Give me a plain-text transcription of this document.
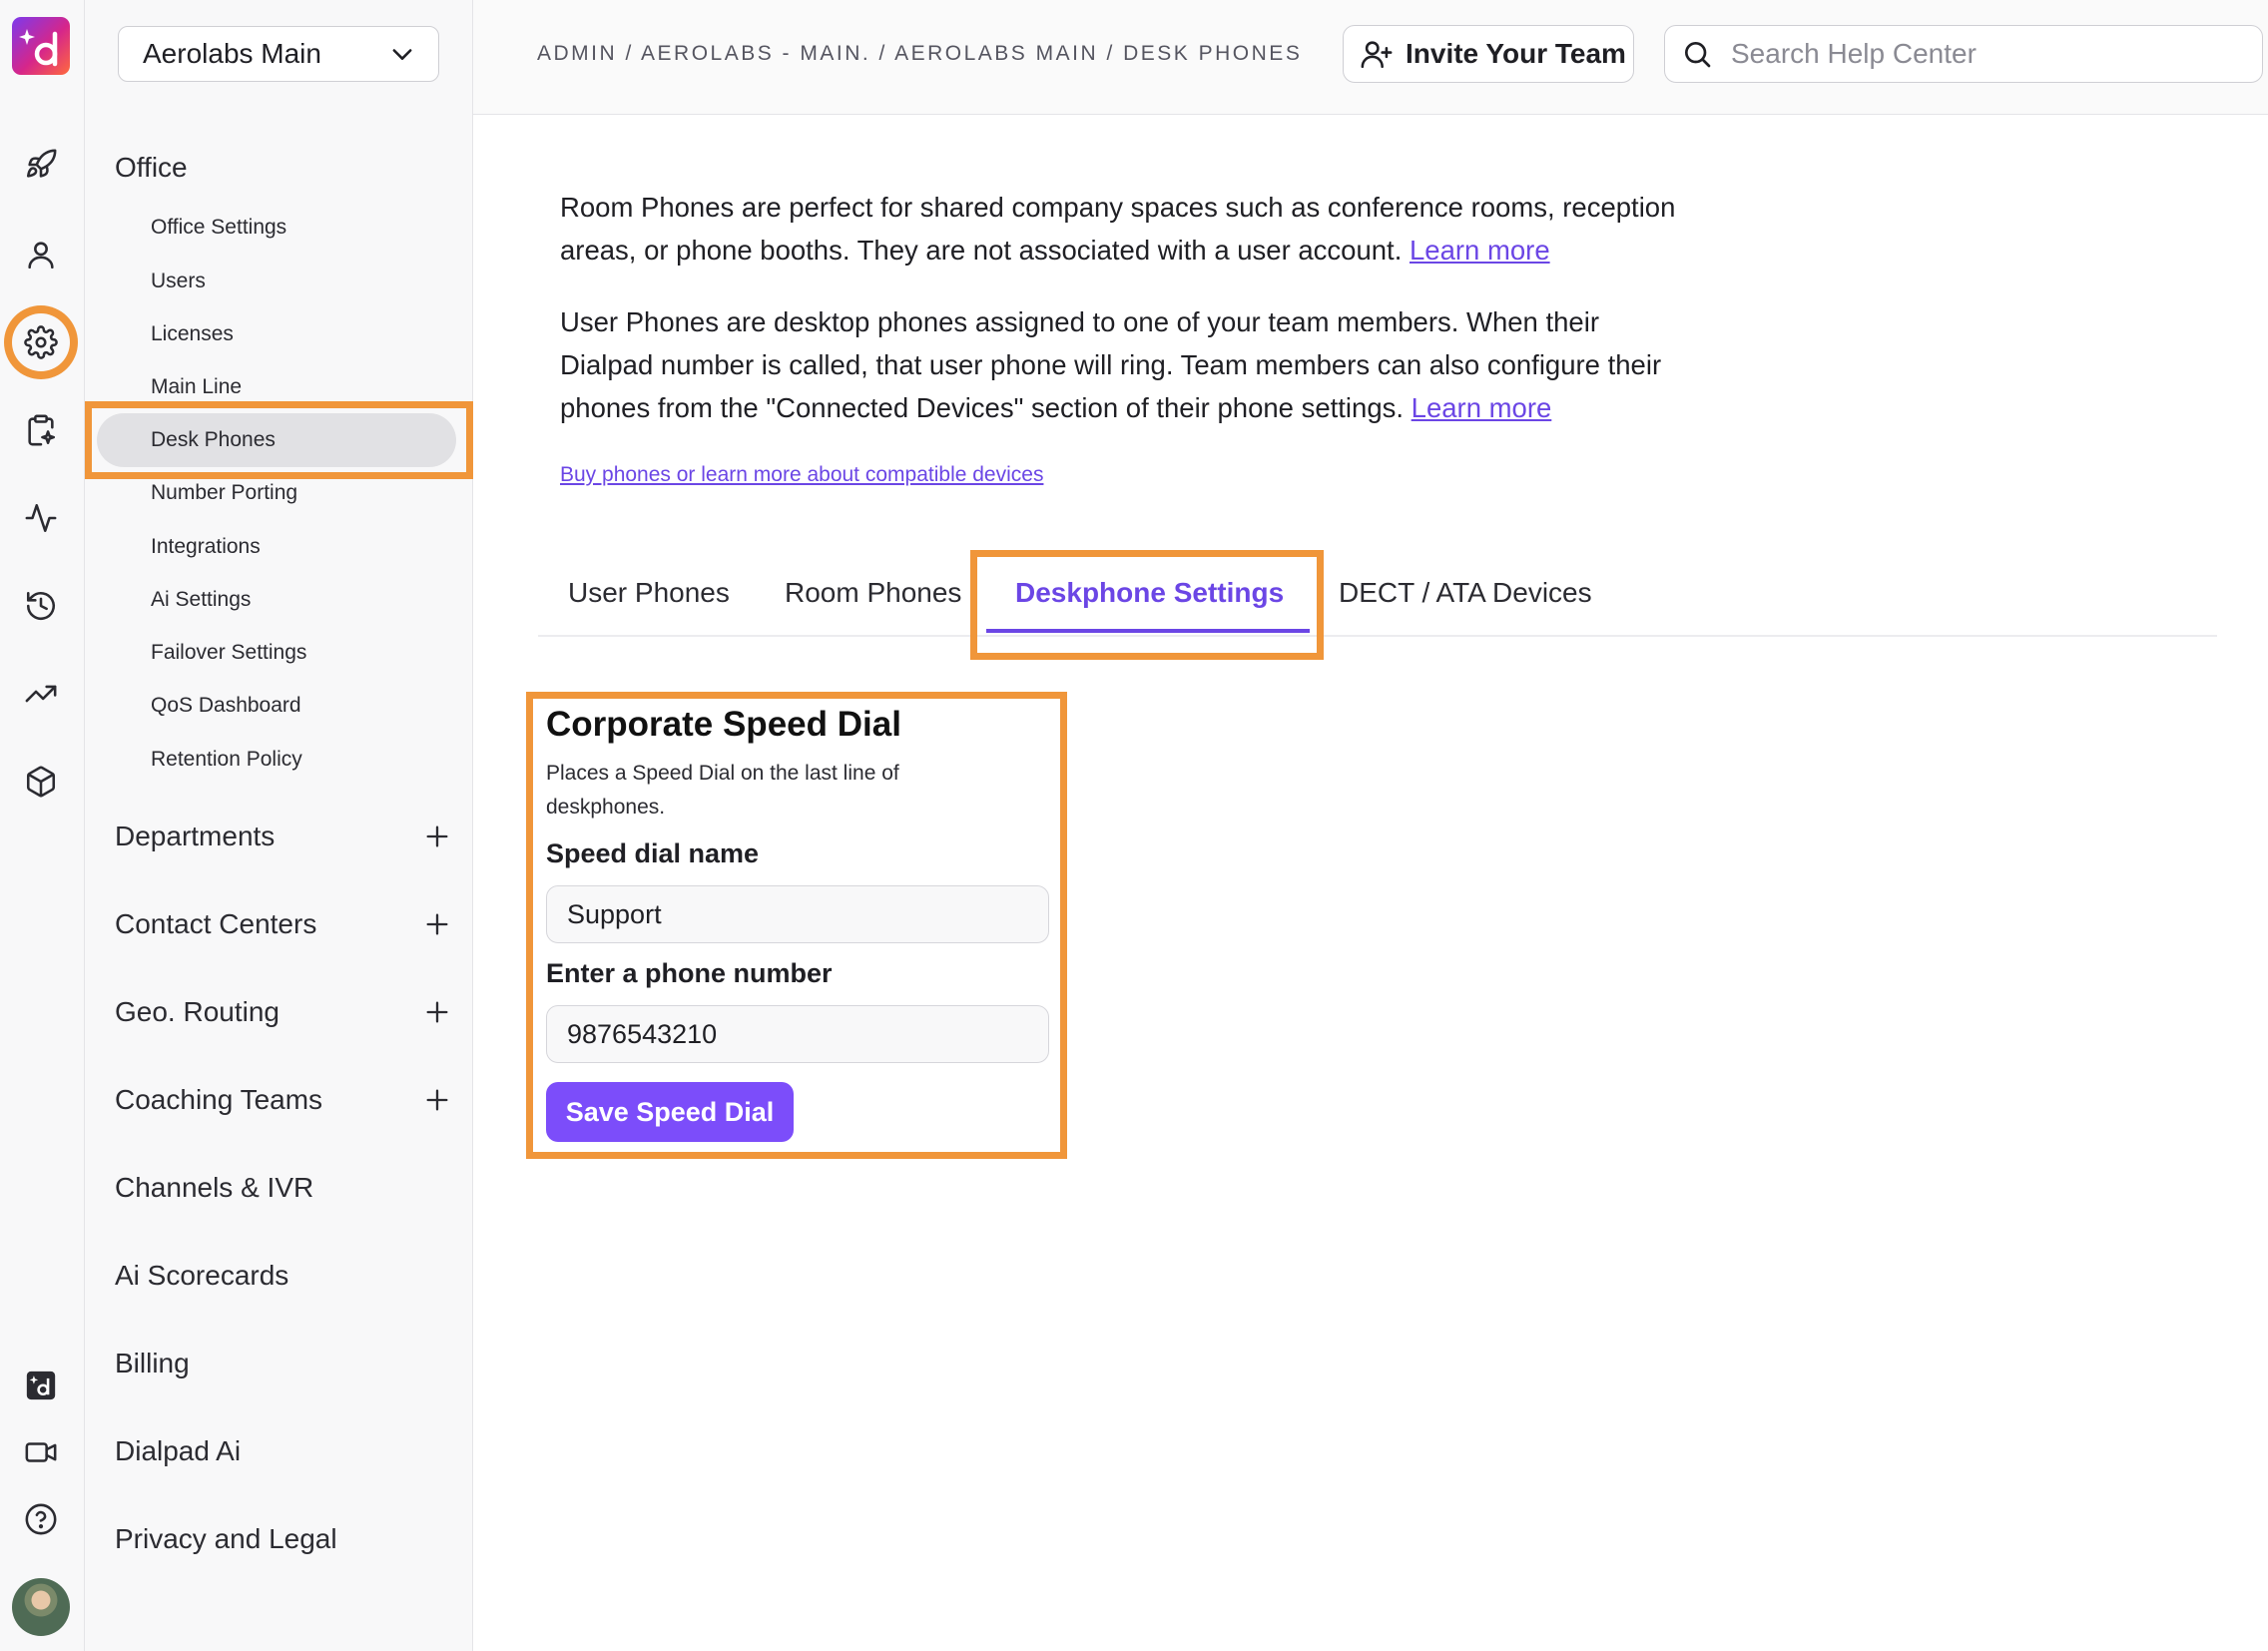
Aerolabs Main
Office
Office Settings
Users
Licenses
Main Line
Desk Phones
Number Porting
Integrations
Ai Settings
Failover Settings
QoS Dashboard
Retention Policy
Departments
Contact Centers
Geo. Routing
Coaching Teams
Channels & IVR
Ai Scorecards
Billing
Dialpad Ai
Privacy and Legal
ADMIN / AEROLABS - MAIN. / AEROLABS MAIN / DESK PHONES	Invite Your Team
Search Help Center
Room Phones are perfect for shared company spaces such as conference rooms, reception areas, or phone booths. They are not associated with a user account. Learn more
User Phones are desktop phones assigned to one of your team members. When their Dialpad number is called, that user phone will ring. Team members can also configure their phones from the "Connected Devices" section of their phone settings. Learn more
Buy phones or learn more about compatible devices
User Phones Room Phones Deskphone Settings DECT / ATA Devices
Corporate Speed Dial
Places a Speed Dial on the last line of deskphones.
Speed dial name
Support
Enter a phone number
9876543210
Save Speed Dial
